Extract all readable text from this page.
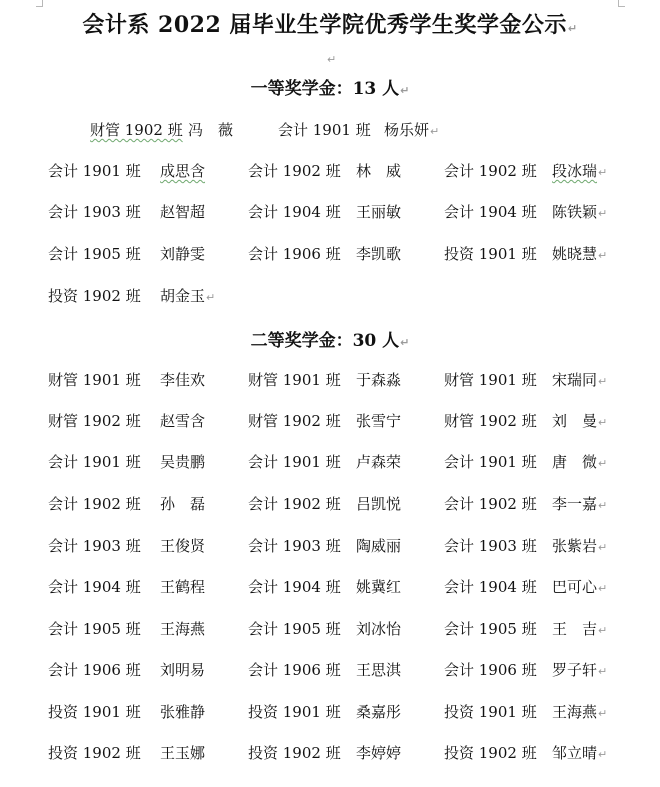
会计系 2022 届毕业生学院优秀学生奖学金公示↵
↵
一等奖学金：13 人↵
财管 1902 班 冯　薇	会计 1901 班 杨乐妍↵
会计 1901 班 成思含	会计 1902 班 林　威	会计 1902 班 段冰瑞↵
会计 1903 班 赵智超	会计 1904 班 王丽敏	会计 1904 班 陈铁颖↵
会计 1905 班 刘静雯	会计 1906 班 李凯歌	投资 1901 班 姚晓慧↵
投资 1902 班 胡金玉↵
二等奖学金：30 人↵
财管 1901 班 李佳欢	财管 1901 班 于森淼	财管 1901 班 宋瑞同↵
财管 1902 班 赵雪含	财管 1902 班 张雪宁	财管 1902 班 刘　曼↵
会计 1901 班 吴贵鹏	会计 1901 班 卢森荣	会计 1901 班 唐　微↵
会计 1902 班 孙　磊	会计 1902 班 吕凯悦	会计 1902 班 李一嘉↵
会计 1903 班 王俊贤	会计 1903 班 陶威丽	会计 1903 班 张紫岩↵
会计 1904 班 王鹤程	会计 1904 班 姚冀红	会计 1904 班 巴可心↵
会计 1905 班 王海燕	会计 1905 班 刘冰怡	会计 1905 班 王　吉↵
会计 1906 班 刘明易	会计 1906 班 王思淇	会计 1906 班 罗子轩↵
投资 1901 班 张雅静	投资 1901 班 桑嘉彤	投资 1901 班 王海燕↵
投资 1902 班 王玉娜	投资 1902 班 李婷婷	投资 1902 班 邹立晴↵
